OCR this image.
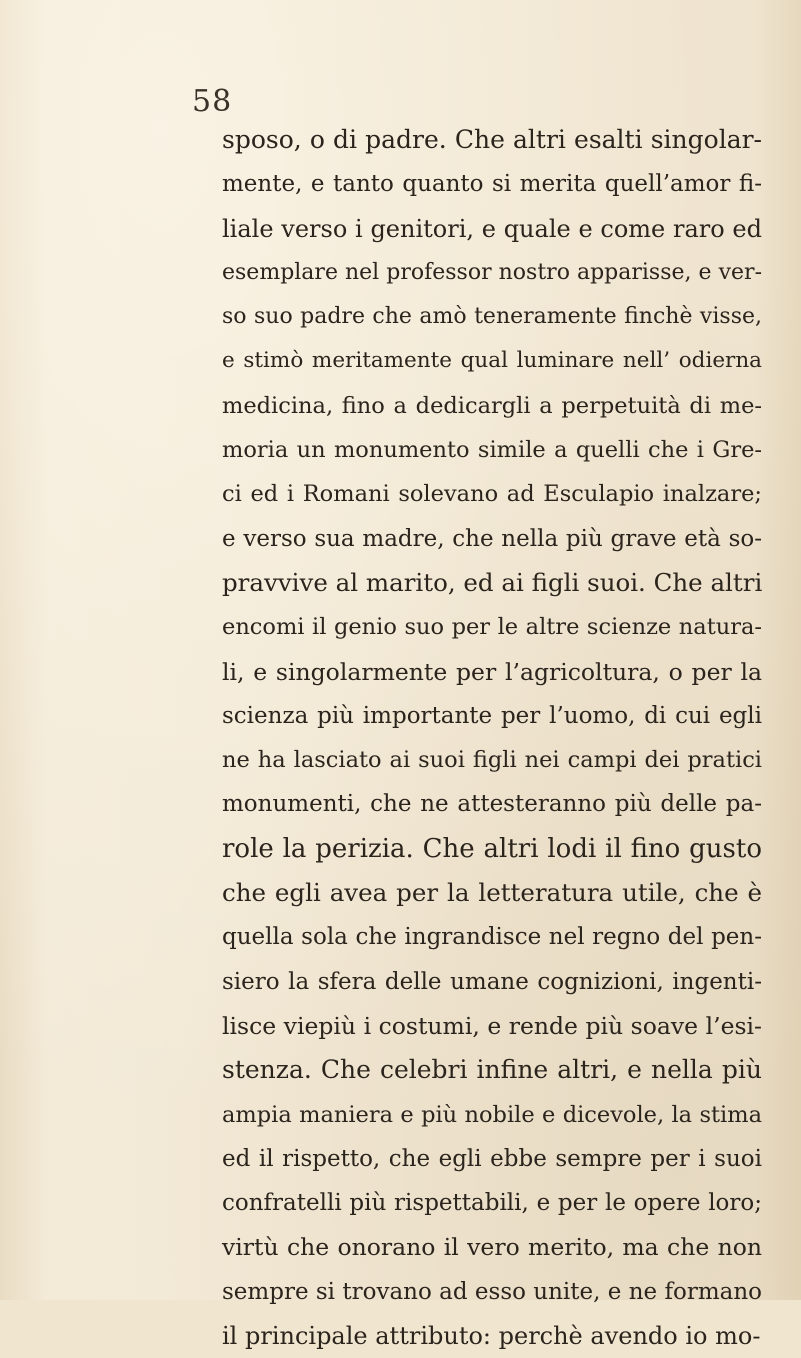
58
sposo, o di padre. Che altri esalti singolar-
mente, e tanto quanto si merita quell’amor fi-
liale verso i genitori, e quale e come raro ed
esemplare nel professor nostro apparisse, e ver-
so suo padre che amò teneramente finchè visse,
e stimò meritamente qual luminare nell’ odierna
medicina, fino a dedicargli a perpetuità di me-
moria un monumento simile a quelli che i Gre-
ci ed i Romani solevano ad Esculapio inalzare;
e verso sua madre, che nella più grave età so-
pravvive al marito, ed ai figli suoi. Che altri
encomi il genio suo per le altre scienze natura-
li, e singolarmente per l’agricoltura, o per la
scienza più importante per l’uomo, di cui egli
ne ha lasciato ai suoi figli nei campi dei pratici
monumenti, che ne attesteranno più delle pa-
role la perizia. Che altri lodi il fino gusto
che egli avea per la letteratura utile, che è
quella sola che ingrandisce nel regno del pen-
siero la sfera delle umane cognizioni, ingenti-
lisce viepiù i costumi, e rende più soave l’esi-
stenza. Che celebri infine altri, e nella più
ampia maniera e più nobile e dicevole, la stima
ed il rispetto, che egli ebbe sempre per i suoi
confratelli più rispettabili, e per le opere loro;
virtù che onorano il vero merito, ma che non
sempre si trovano ad esso unite, e ne formano
il principale attributo: perchè avendo io mo-
